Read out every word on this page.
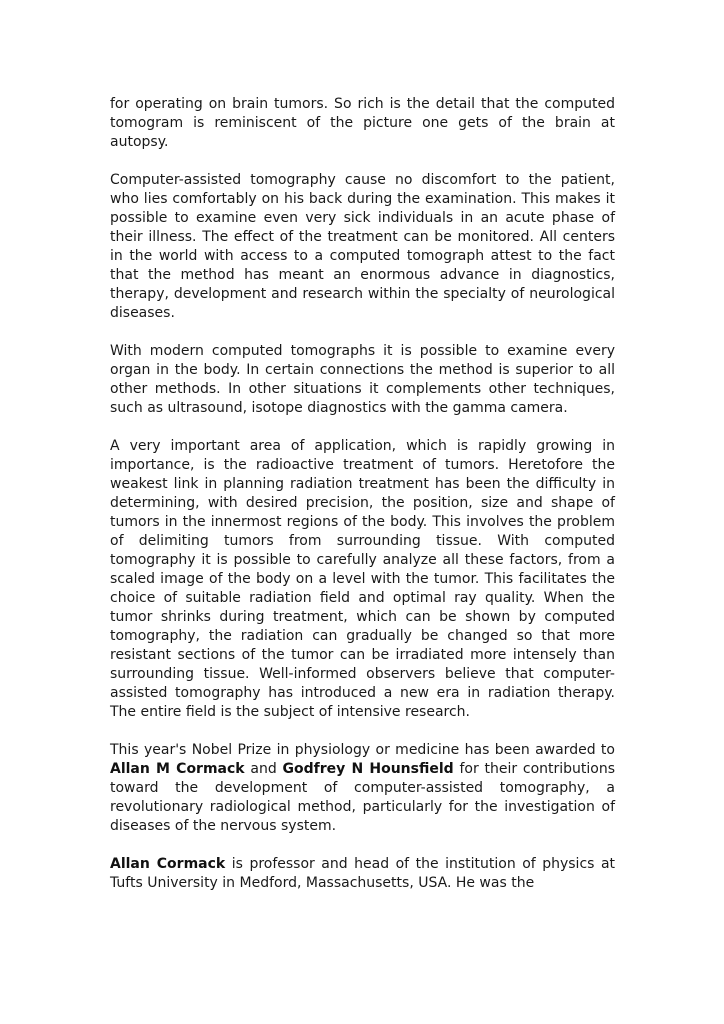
for operating on brain tumors. So rich is the detail that the computed tomogram is reminiscent of the picture one gets of the brain at autopsy.

Computer-assisted tomography cause no discomfort to the patient, who lies comfortably on his back during the examination. This makes it possible to examine even very sick individuals in an acute phase of their illness. The effect of the treatment can be monitored. All centers in the world with access to a computed tomograph attest to the fact that the method has meant an enormous advance in diagnostics, therapy, development and research within the specialty of neurological diseases.

With modern computed tomographs it is possible to examine every organ in the body. In certain connections the method is superior to all other methods. In other situations it complements other techniques, such as ultrasound, isotope diagnostics with the gamma camera.

A very important area of application, which is rapidly growing in importance, is the radioactive treatment of tumors. Heretofore the weakest link in planning radiation treatment has been the difficulty in determining, with desired precision, the position, size and shape of tumors in the innermost regions of the body. This involves the problem of delimiting tumors from surrounding tissue. With computed tomography it is possible to carefully analyze all these factors, from a scaled image of the body on a level with the tumor. This facilitates the choice of suitable radiation field and optimal ray quality. When the tumor shrinks during treatment, which can be shown by computed tomography, the radiation can gradually be changed so that more resistant sections of the tumor can be irradiated more intensely than surrounding tissue. Well-informed observers believe that computer-assisted tomography has introduced a new era in radiation therapy. The entire field is the subject of intensive research.

This year's Nobel Prize in physiology or medicine has been awarded to Allan M Cormack and Godfrey N Hounsfield for their contributions toward the development of computer-assisted tomography, a revolutionary radiological method, particularly for the investigation of diseases of the nervous system.

Allan Cormack is professor and head of the institution of physics at Tufts University in Medford, Massachusetts, USA. He was the
